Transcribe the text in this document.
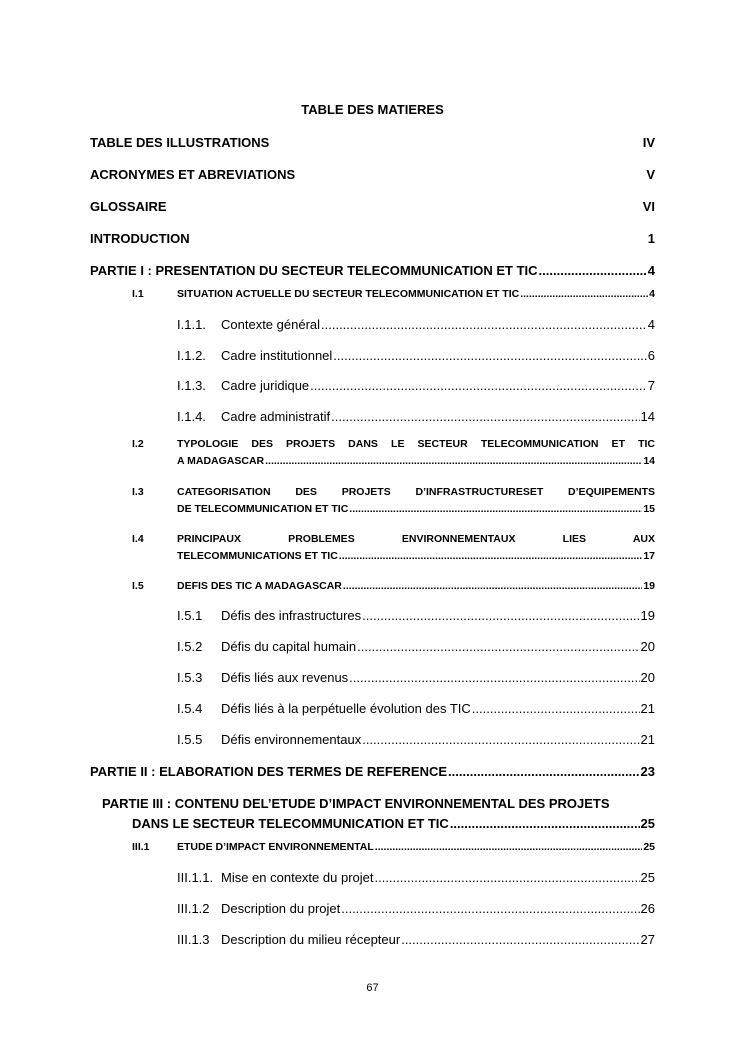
TABLE DES MATIERES
TABLE DES ILLUSTRATIONS	IV
ACRONYMES ET ABREVIATIONS	V
GLOSSAIRE	VI
INTRODUCTION	1
PARTIE I : PRESENTATION DU SECTEUR TELECOMMUNICATION ET TIC .....	4
I.1	SITUATION ACTUELLE DU SECTEUR TELECOMMUNICATION ET TIC .....	4
I.1.1.	Contexte général .....	4
I.1.2.	Cadre institutionnel .....	6
I.1.3.	Cadre juridique .....	7
I.1.4.	Cadre administratif .....	14
I.2	TYPOLOGIE DES PROJETS DANS LE SECTEUR TELECOMMUNICATION ET TIC
A MADAGASCAR .....	14
I.3	CATEGORISATION DES PROJETS D’INFRASTRUCTURESET D’EQUIPEMENTS
DE TELECOMMUNICATION ET TIC .....	15
I.4	PRINCIPAUX PROBLEMES ENVIRONNEMENTAUX LIES AUX
TELECOMMUNICATIONS ET TIC .....	17
I.5	DEFIS DES TIC A MADAGASCAR .....	19
I.5.1	Défis des infrastructures .....	19
I.5.2	Défis du capital humain .....	20
I.5.3	Défis liés aux revenus .....	20
I.5.4	Défis liés à la perpétuelle évolution des TIC .....	21
I.5.5	Défis environnementaux .....	21
PARTIE II : ELABORATION DES TERMES DE REFERENCE .....	23
PARTIE III : CONTENU DEL’ETUDE D’IMPACT ENVIRONNEMENTAL DES PROJETS
DANS LE SECTEUR TELECOMMUNICATION ET TIC .....	25
III.1	ETUDE D’IMPACT ENVIRONNEMENTAL .....	25
III.1.1. Mise en contexte du projet .....	25
III.1.2 Description du projet .....	26
III.1.3 Description du milieu récepteur .....	27
67
